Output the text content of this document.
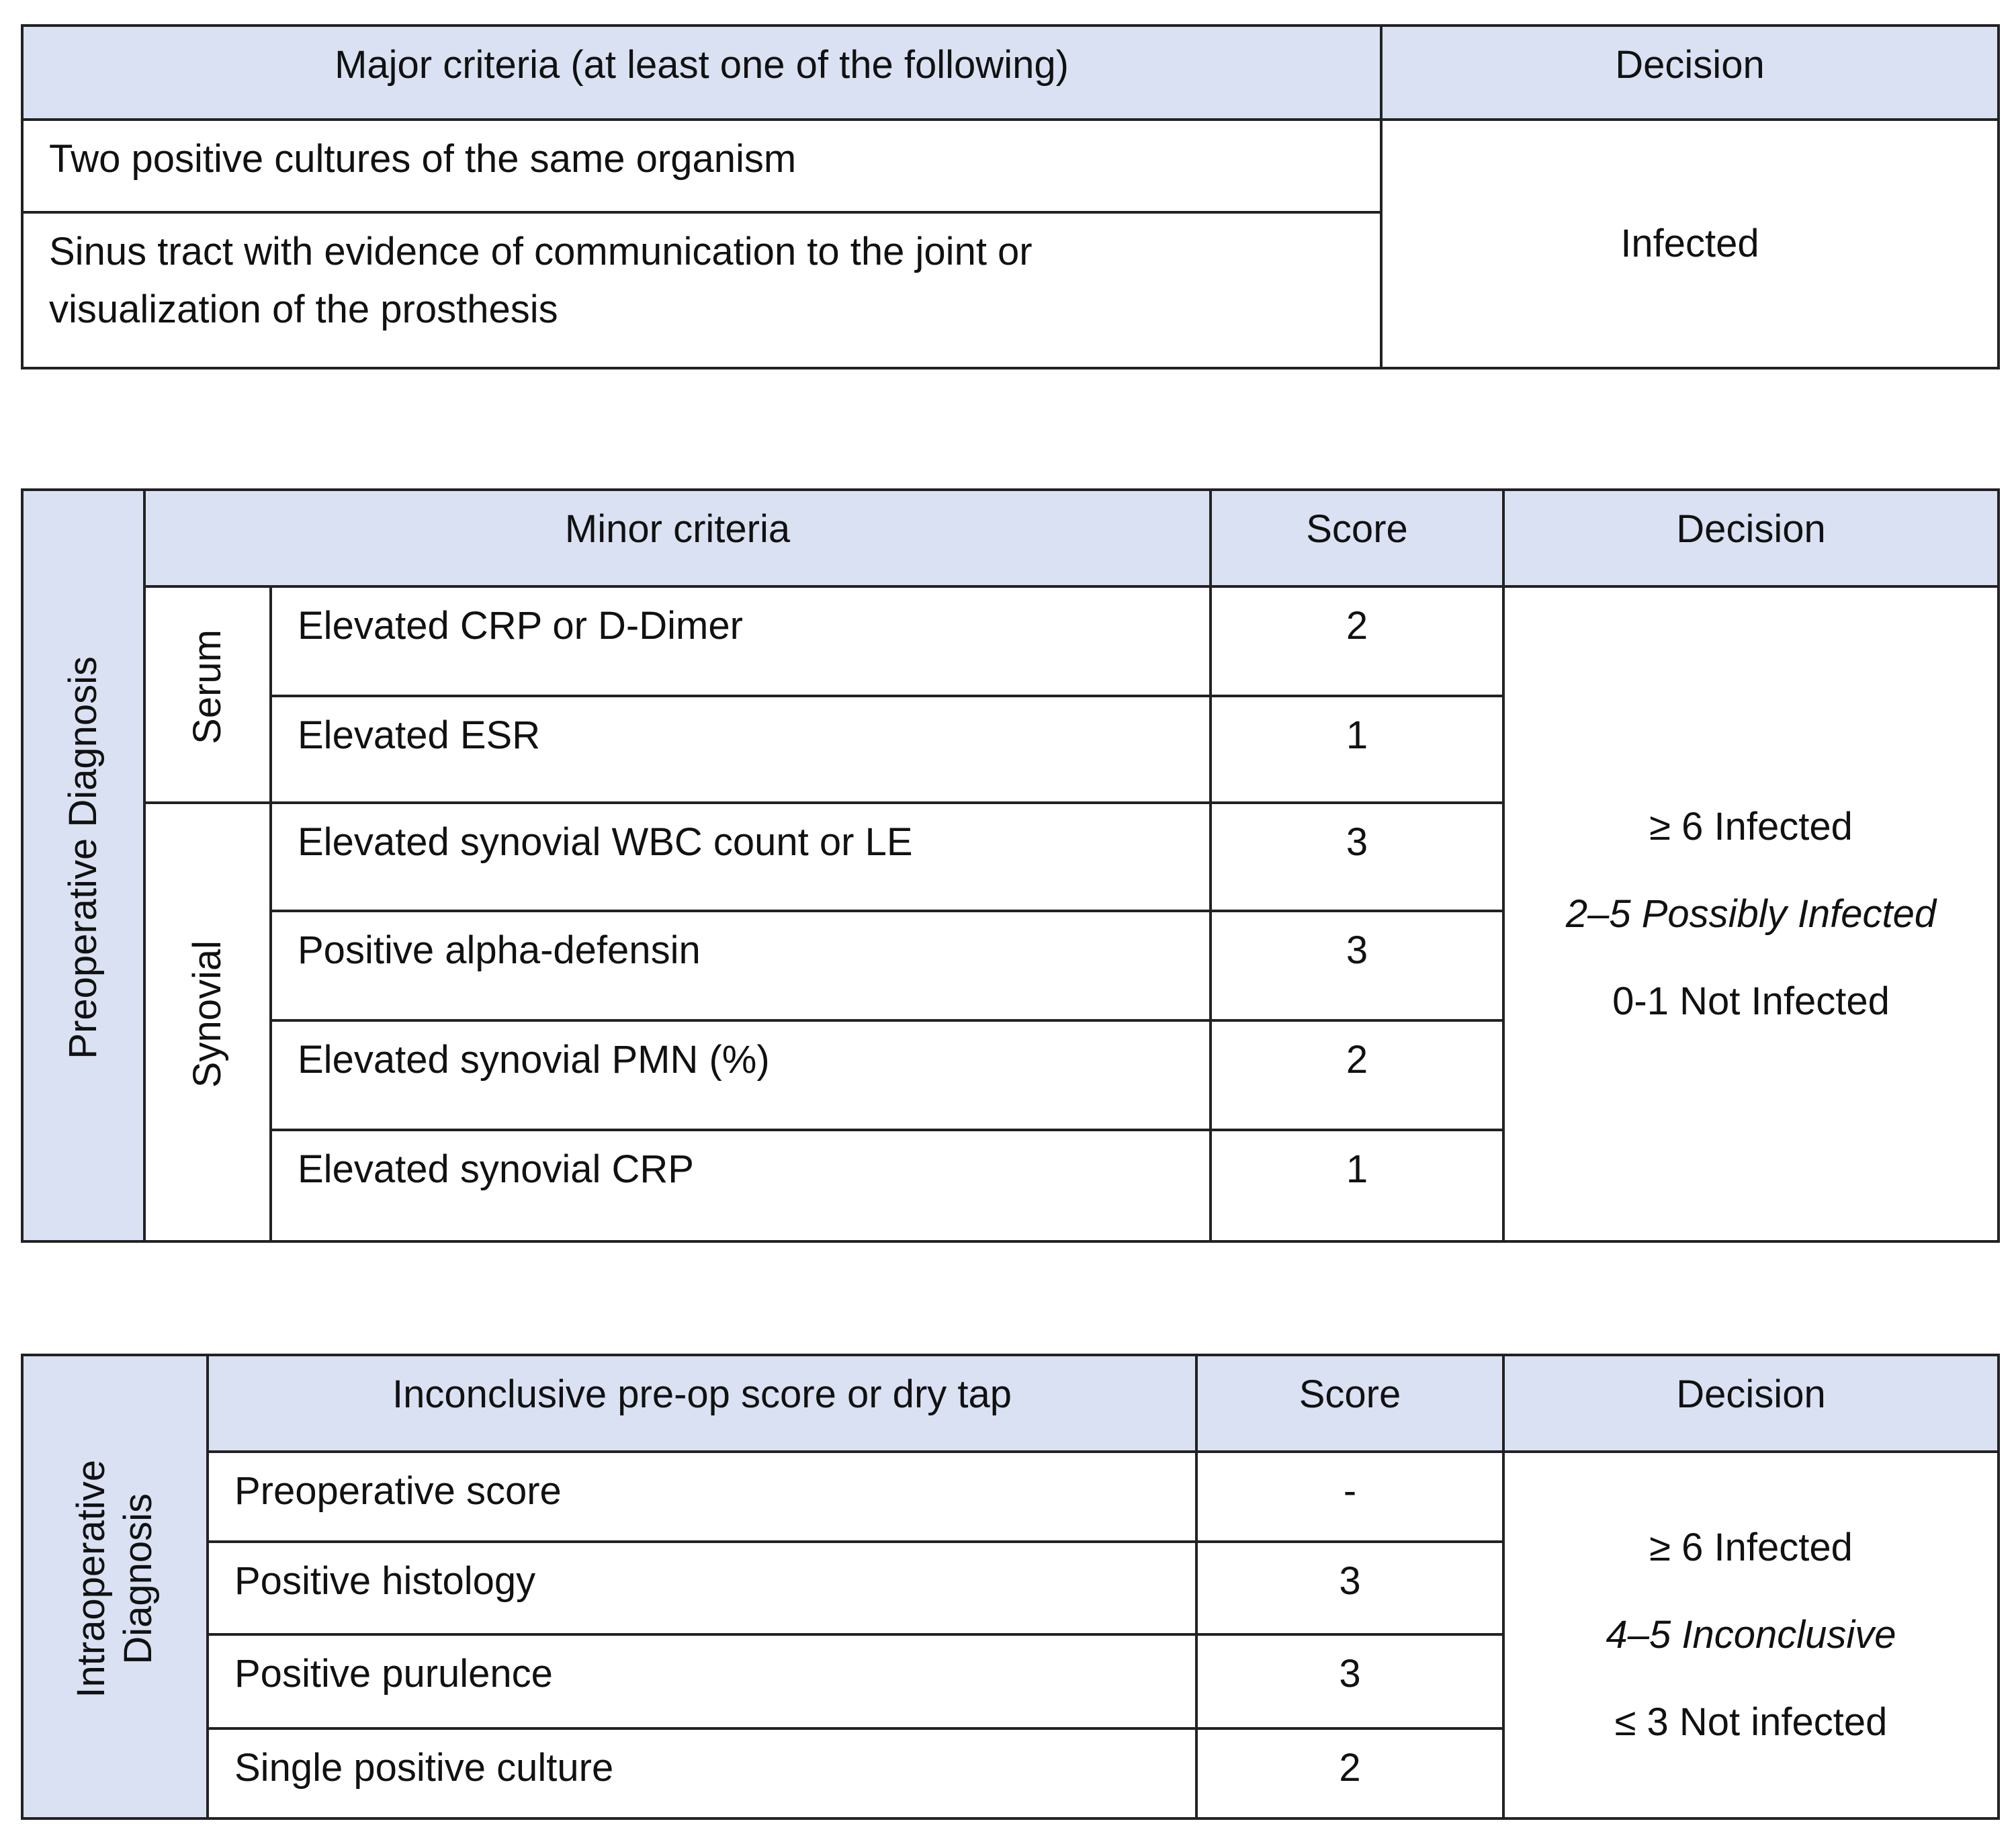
Major criteria (at least one of the following)	Decision
Two positive cultures of the same organism	Infected
Sinus tract with evidence of communication to the joint or visualization of the prosthesis	
Preoperative Diagnosis	Minor criteria		Score	Decision
	Serum	Elevated CRP or D-Dimer	2	≥ 6 Infected
2–5 Possibly Infected
0-1 Not Infected

		Elevated ESR	1	
	Synovial	Elevated synovial WBC count or LE	3	
		Positive alpha-defensin	3	
		Elevated synovial PMN (%)	2	
		Elevated synovial CRP	1	
Intraoperative
Diagnosis	Inconclusive pre-op score or dry tap	Score	Decision
	Preoperative score	-	≥ 6 Infected
4–5 Inconclusive
≤ 3 Not infected

	Positive histology	3	
	Positive purulence	3	
	Single positive culture	2	
